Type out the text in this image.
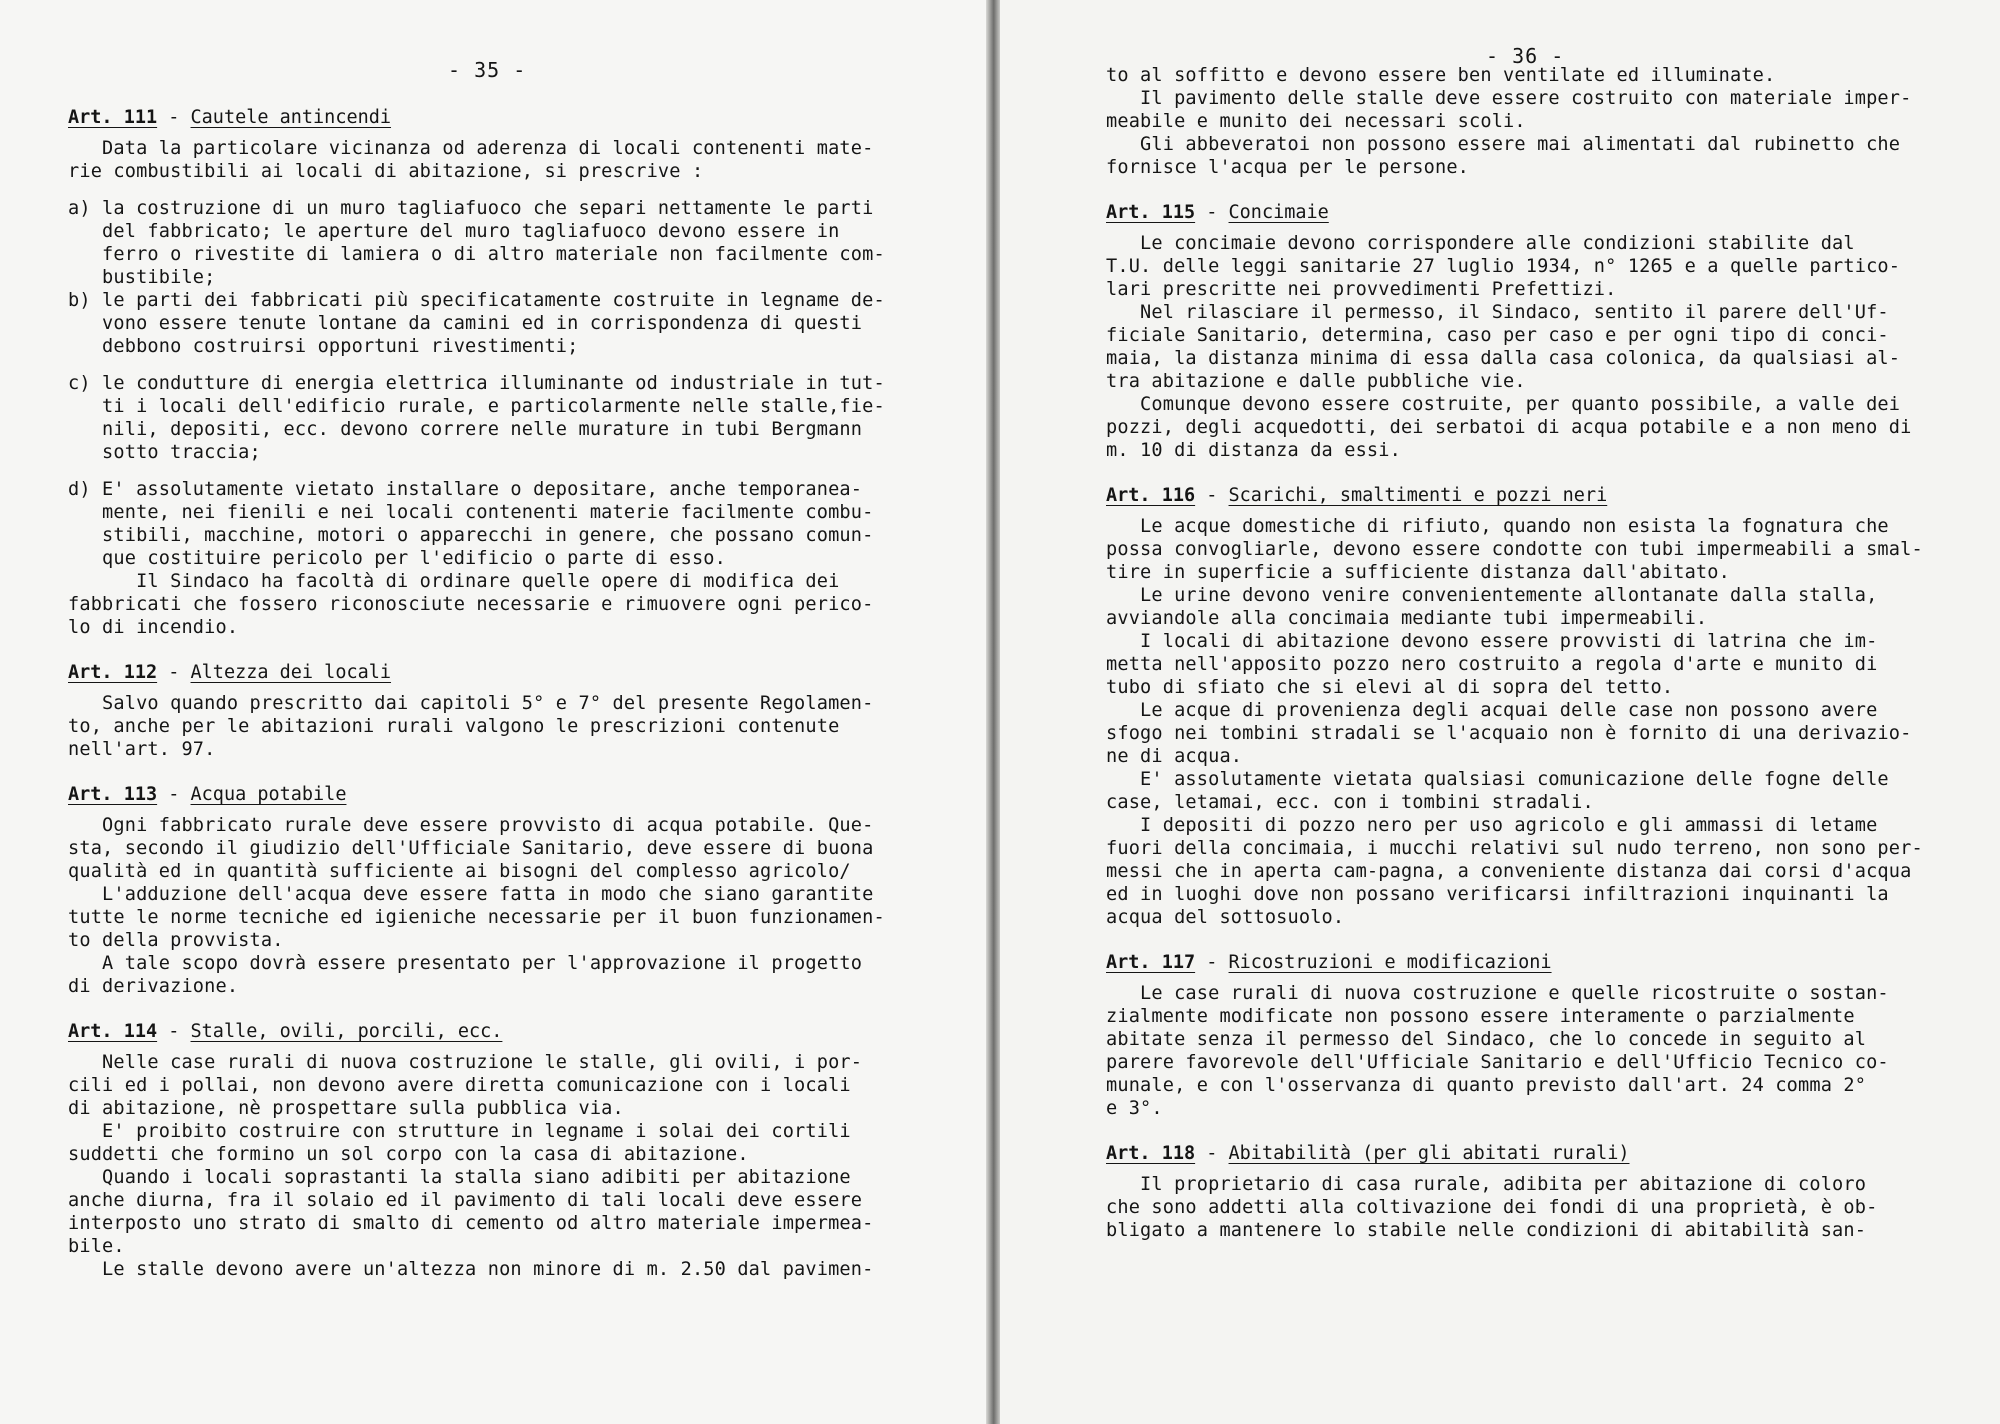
- 35 -

Art. 111 - Cautele antincendi

Data la particolare vicinanza od aderenza di locali contenenti mate-

rie combustibili ai locali di abitazione, si prescrive :

a) la costruzione di un muro tagliafuoco che separi nettamente le parti

del fabbricato; le aperture del muro tagliafuoco devono essere in

ferro o rivestite di lamiera o di altro materiale non facilmente com-

bustibile;

b) le parti dei fabbricati più specificatamente costruite in legname de-

vono essere tenute lontane da camini ed in corrispondenza di questi

debbono costruirsi opportuni rivestimenti;

c) le condutture di energia elettrica illuminante od industriale in tut-

ti i locali dell'edificio rurale, e particolarmente nelle stalle,fie-

nili, depositi, ecc. devono correre nelle murature in tubi Bergmann

sotto traccia;

d) E' assolutamente vietato installare o depositare, anche temporanea-

mente, nei fienili e nei locali contenenti materie facilmente combu-

stibili, macchine, motori o apparecchi in genere, che possano comun-

que costituire pericolo per l'edificio o parte di esso.

Il Sindaco ha facoltà di ordinare quelle opere di modifica dei

fabbricati che fossero riconosciute necessarie e rimuovere ogni perico-

lo di incendio.

Art. 112 - Altezza dei locali

Salvo quando prescritto dai capitoli 5° e 7° del presente Regolamen-

to, anche per le abitazioni rurali valgono le prescrizioni contenute

nell'art. 97.

Art. 113 - Acqua potabile

Ogni fabbricato rurale deve essere provvisto di acqua potabile. Que-

sta, secondo il giudizio dell'Ufficiale Sanitario, deve essere di buona

qualità ed in quantità sufficiente ai bisogni del complesso agricolo/

L'adduzione dell'acqua deve essere fatta in modo che siano garantite

tutte le norme tecniche ed igieniche necessarie per il buon funzionamen-

to della provvista.

A tale scopo dovrà essere presentato per l'approvazione il progetto

di derivazione.

Art. 114 - Stalle, ovili, porcili, ecc.

Nelle case rurali di nuova costruzione le stalle, gli ovili, i por-

cili ed i pollai, non devono avere diretta comunicazione con i locali

di abitazione, nè prospettare sulla pubblica via.

E' proibito costruire con strutture in legname i solai dei cortili

suddetti che formino un sol corpo con la casa di abitazione.

Quando i locali soprastanti la stalla siano adibiti per abitazione

anche diurna, fra il solaio ed il pavimento di tali locali deve essere

interposto uno strato di smalto di cemento od altro materiale impermea-

bile.

Le stalle devono avere un'altezza non minore di m. 2.50 dal pavimen-

- 36 -

to al soffitto e devono essere ben ventilate ed illuminate.

Il pavimento delle stalle deve essere costruito con materiale imper-

meabile e munito dei necessari scoli.

Gli abbeveratoi non possono essere mai alimentati dal rubinetto che

fornisce l'acqua per le persone.

Art. 115 - Concimaie

Le concimaie devono corrispondere alle condizioni stabilite dal

T.U. delle leggi sanitarie 27 luglio 1934, n° 1265 e a quelle partico-

lari prescritte nei provvedimenti Prefettizi.

Nel rilasciare il permesso, il Sindaco, sentito il parere dell'Uf-

ficiale Sanitario, determina, caso per caso e per ogni tipo di conci-

maia, la distanza minima di essa dalla casa colonica, da qualsiasi al-

tra abitazione e dalle pubbliche vie.

Comunque devono essere costruite, per quanto possibile, a valle dei

pozzi, degli acquedotti, dei serbatoi di acqua potabile e a non meno di

m. 10 di distanza da essi.

Art. 116 - Scarichi, smaltimenti e pozzi neri

Le acque domestiche di rifiuto, quando non esista la fognatura che

possa convogliarle, devono essere condotte con tubi impermeabili a smal-

tire in superficie a sufficiente distanza dall'abitato.

Le urine devono venire convenientemente allontanate dalla stalla,

avviandole alla concimaia mediante tubi impermeabili.

I locali di abitazione devono essere provvisti di latrina che im-

metta nell'apposito pozzo nero costruito a regola d'arte e munito di

tubo di sfiato che si elevi al di sopra del tetto.

Le acque di provenienza degli acquai delle case non possono avere

sfogo nei tombini stradali se l'acquaio non è fornito di una derivazio-

ne di acqua.

E' assolutamente vietata qualsiasi comunicazione delle fogne delle

case, letamai, ecc. con i tombini stradali.

I depositi di pozzo nero per uso agricolo e gli ammassi di letame

fuori della concimaia, i mucchi relativi sul nudo terreno, non sono per-

messi che in aperta cam-pagna, a conveniente distanza dai corsi d'acqua

ed in luoghi dove non possano verificarsi infiltrazioni inquinanti la

acqua del sottosuolo.

Art. 117 - Ricostruzioni e modificazioni

Le case rurali di nuova costruzione e quelle ricostruite o sostan-

zialmente modificate non possono essere interamente o parzialmente

abitate senza il permesso del Sindaco, che lo concede in seguito al

parere favorevole dell'Ufficiale Sanitario e dell'Ufficio Tecnico co-

munale, e con l'osservanza di quanto previsto dall'art. 24 comma 2°

e 3°.

Art. 118 - Abitabilità (per gli abitati rurali)

Il proprietario di casa rurale, adibita per abitazione di coloro

che sono addetti alla coltivazione dei fondi di una proprietà, è ob-

bligato a mantenere lo stabile nelle condizioni di abitabilità san-
